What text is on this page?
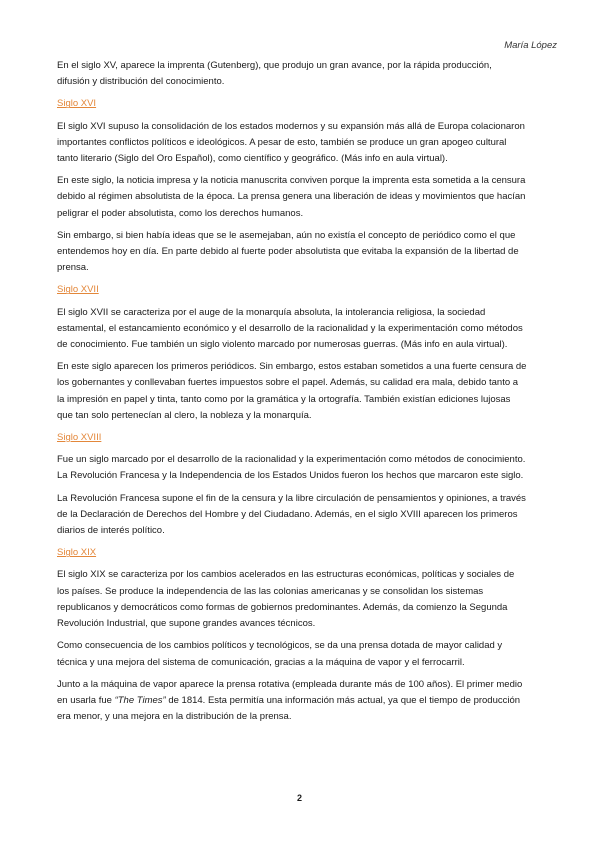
María López

En el siglo XV, aparece la imprenta (Gutenberg), que produjo un gran avance, por la rápida producción, difusión y distribución del conocimiento.

Siglo XVI

El siglo XVI supuso la consolidación de los estados modernos y su expansión más allá de Europa colacionaron importantes conflictos políticos e ideológicos. A pesar de esto, también se produce un gran apogeo cultural tanto literario (Siglo del Oro Español), como científico y geográfico. (Más info en aula virtual).

En este siglo, la noticia impresa y la noticia manuscrita conviven porque la imprenta esta sometida a la censura debido al régimen absolutista de la época. La prensa genera una liberación de ideas y movimientos que hacían peligrar el poder absolutista, como los derechos humanos.

Sin embargo, si bien había ideas que se le asemejaban, aún no existía el concepto de periódico como el que entendemos hoy en día. En parte debido al fuerte poder absolutista que evitaba la expansión de la libertad de prensa.

Siglo XVII

El siglo XVII se caracteriza por el auge de la monarquía absoluta, la intolerancia religiosa, la sociedad estamental, el estancamiento económico y el desarrollo de la racionalidad y la experimentación como métodos de conocimiento. Fue también un siglo violento marcado por numerosas guerras. (Más info en aula virtual).

En este siglo aparecen los primeros periódicos. Sin embargo, estos estaban sometidos a una fuerte censura de los gobernantes y conllevaban fuertes impuestos sobre el papel. Además, su calidad era mala, debido tanto a la impresión en papel y tinta, tanto como por la gramática y la ortografía. También existían ediciones lujosas que tan solo pertenecían al clero, la nobleza y la monarquía.

Siglo XVIII

Fue un siglo marcado por el desarrollo de la racionalidad y la experimentación como métodos de conocimiento. La Revolución Francesa y la Independencia de los Estados Unidos fueron los hechos que marcaron este siglo.

La Revolución Francesa supone el fin de la censura y la libre circulación de pensamientos y opiniones, a través de la Declaración de Derechos del Hombre y del Ciudadano. Además, en el siglo XVIII aparecen los primeros diarios de interés político.

Siglo XIX

El siglo XIX se caracteriza por los cambios acelerados en las estructuras económicas, políticas y sociales de los países. Se produce la independencia de las las colonias americanas y se consolidan los sistemas republicanos y democráticos como formas de gobiernos predominantes. Además, da comienzo la Segunda Revolución Industrial, que supone grandes avances técnicos.

Como consecuencia de los cambios políticos y tecnológicos, se da una prensa dotada de mayor calidad y técnica y una mejora del sistema de comunicación, gracias a la máquina de vapor y el ferrocarril.

Junto a la máquina de vapor aparece la prensa rotativa (empleada durante más de 100 años). El primer medio en usarla fue “The Times” de 1814. Esta permitía una información más actual, ya que el tiempo de producción era menor, y una mejora en la distribución de la prensa.

2
